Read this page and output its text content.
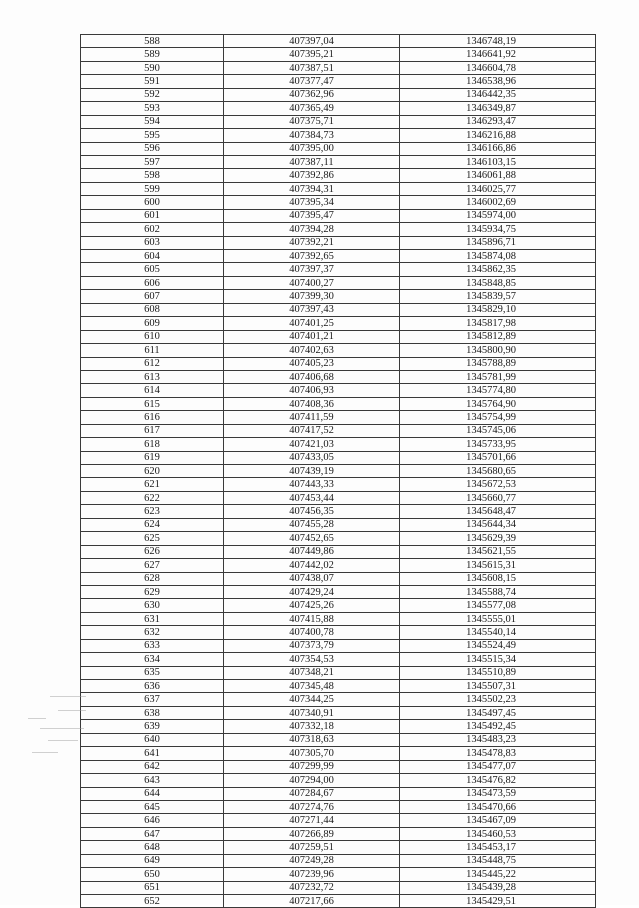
588	407397,04	1346748,19
589	407395,21	1346641,92
590	407387,51	1346604,78
591	407377,47	1346538,96
592	407362,96	1346442,35
593	407365,49	1346349,87
594	407375,71	1346293,47
595	407384,73	1346216,88
596	407395,00	1346166,86
597	407387,11	1346103,15
598	407392,86	1346061,88
599	407394,31	1346025,77
600	407395,34	1346002,69
601	407395,47	1345974,00
602	407394,28	1345934,75
603	407392,21	1345896,71
604	407392,65	1345874,08
605	407397,37	1345862,35
606	407400,27	1345848,85
607	407399,30	1345839,57
608	407397,43	1345829,10
609	407401,25	1345817,98
610	407401,21	1345812,89
611	407402,63	1345800,90
612	407405,23	1345788,89
613	407406,68	1345781,99
614	407406,93	1345774,80
615	407408,36	1345764,90
616	407411,59	1345754,99
617	407417,52	1345745,06
618	407421,03	1345733,95
619	407433,05	1345701,66
620	407439,19	1345680,65
621	407443,33	1345672,53
622	407453,44	1345660,77
623	407456,35	1345648,47
624	407455,28	1345644,34
625	407452,65	1345629,39
626	407449,86	1345621,55
627	407442,02	1345615,31
628	407438,07	1345608,15
629	407429,24	1345588,74
630	407425,26	1345577,08
631	407415,88	1345555,01
632	407400,78	1345540,14
633	407373,79	1345524,49
634	407354,53	1345515,34
635	407348,21	1345510,89
636	407345,48	1345507,31
637	407344,25	1345502,23
638	407340,91	1345497,45
639	407332,18	1345492,45
640	407318,63	1345483,23
641	407305,70	1345478,83
642	407299,99	1345477,07
643	407294,00	1345476,82
644	407284,67	1345473,59
645	407274,76	1345470,66
646	407271,44	1345467,09
647	407266,89	1345460,53
648	407259,51	1345453,17
649	407249,28	1345448,75
650	407239,96	1345445,22
651	407232,72	1345439,28
652	407217,66	1345429,51
